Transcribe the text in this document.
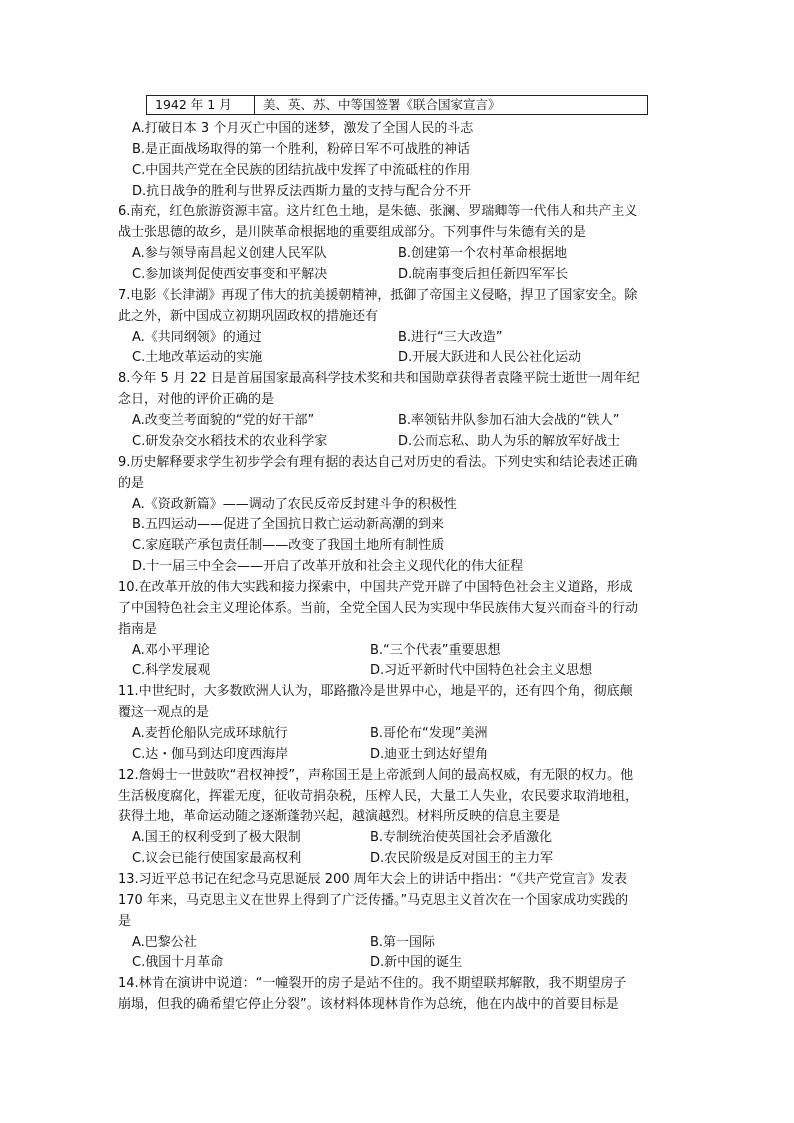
1942 年 1 月	美、英、苏、中等国签署《联合国家宣言》
A.打破日本 3 个月灭亡中国的迷梦，激发了全国人民的斗志
B.是正面战场取得的第一个胜利，粉碎日军不可战胜的神话
C.中国共产党在全民族的团结抗战中发挥了中流砥柱的作用
D.抗日战争的胜利与世界反法西斯力量的支持与配合分不开
6.南充，红色旅游资源丰富。这片红色土地，是朱德、张澜、罗瑞卿等一代伟人和共产主义
战士张思德的故乡，是川陕革命根据地的重要组成部分。下列事件与朱德有关的是
A.参与领导南昌起义创建人民军队	B.创建第一个农村革命根据地
C.参加谈判促使西安事变和平解决	D.皖南事变后担任新四军军长
7.电影《长津湖》再现了伟大的抗美援朝精神，抵御了帝国主义侵略，捍卫了国家安全。除
此之外，新中国成立初期巩固政权的措施还有
A.《共同纲领》的通过	B.进行“三大改造”
C.土地改革运动的实施	D.开展大跃进和人民公社化运动
8.今年 5 月 22 日是首届国家最高科学技术奖和共和国勋章获得者袁隆平院士逝世一周年纪
念日，对他的评价正确的是
A.改变兰考面貌的“党的好干部”	B.率领钻井队参加石油大会战的“铁人”
C.研发杂交水稻技术的农业科学家	D.公而忘私、助人为乐的解放军好战士
9.历史解释要求学生初步学会有理有据的表达自己对历史的看法。下列史实和结论表述正确
的是
A.《资政新篇》——调动了农民反帝反封建斗争的积极性
B.五四运动——促进了全国抗日救亡运动新高潮的到来
C.家庭联产承包责任制——改变了我国土地所有制性质
D.十一届三中全会——开启了改革开放和社会主义现代化的伟大征程
10.在改革开放的伟大实践和接力探索中，中国共产党开辟了中国特色社会主义道路，形成
了中国特色社会主义理论体系。当前，全党全国人民为实现中华民族伟大复兴而奋斗的行动
指南是
A.邓小平理论	B.“三个代表”重要思想
C.科学发展观	D.习近平新时代中国特色社会主义思想
11.中世纪时，大多数欧洲人认为，耶路撒冷是世界中心，地是平的，还有四个角，彻底颠
覆这一观点的是
A.麦哲伦船队完成环球航行	B.哥伦布“发现”美洲
C.达・伽马到达印度西海岸	D.迪亚士到达好望角
12.詹姆士一世鼓吹“君权神授”，声称国王是上帝派到人间的最高权威，有无限的权力。他
生活极度腐化，挥霍无度，征收苛捐杂税，压榨人民，大量工人失业，农民要求取消地租，
获得土地，革命运动随之逐渐蓬勃兴起，越演越烈。材料所反映的信息主要是
A.国王的权利受到了极大限制	B.专制统治使英国社会矛盾激化
C.议会已能行使国家最高权利	D.农民阶级是反对国王的主力军
13.习近平总书记在纪念马克思诞辰 200 周年大会上的讲话中指出：“《共产党宣言》发表
170 年来，马克思主义在世界上得到了广泛传播。”马克思主义首次在一个国家成功实践的
是
A.巴黎公社	B.第一国际
C.俄国十月革命	D.新中国的诞生
14.林肯在演讲中说道：“一幢裂开的房子是站不住的。我不期望联邦解散，我不期望房子
崩塌，但我的确希望它停止分裂”。该材料体现林肯作为总统，他在内战中的首要目标是
